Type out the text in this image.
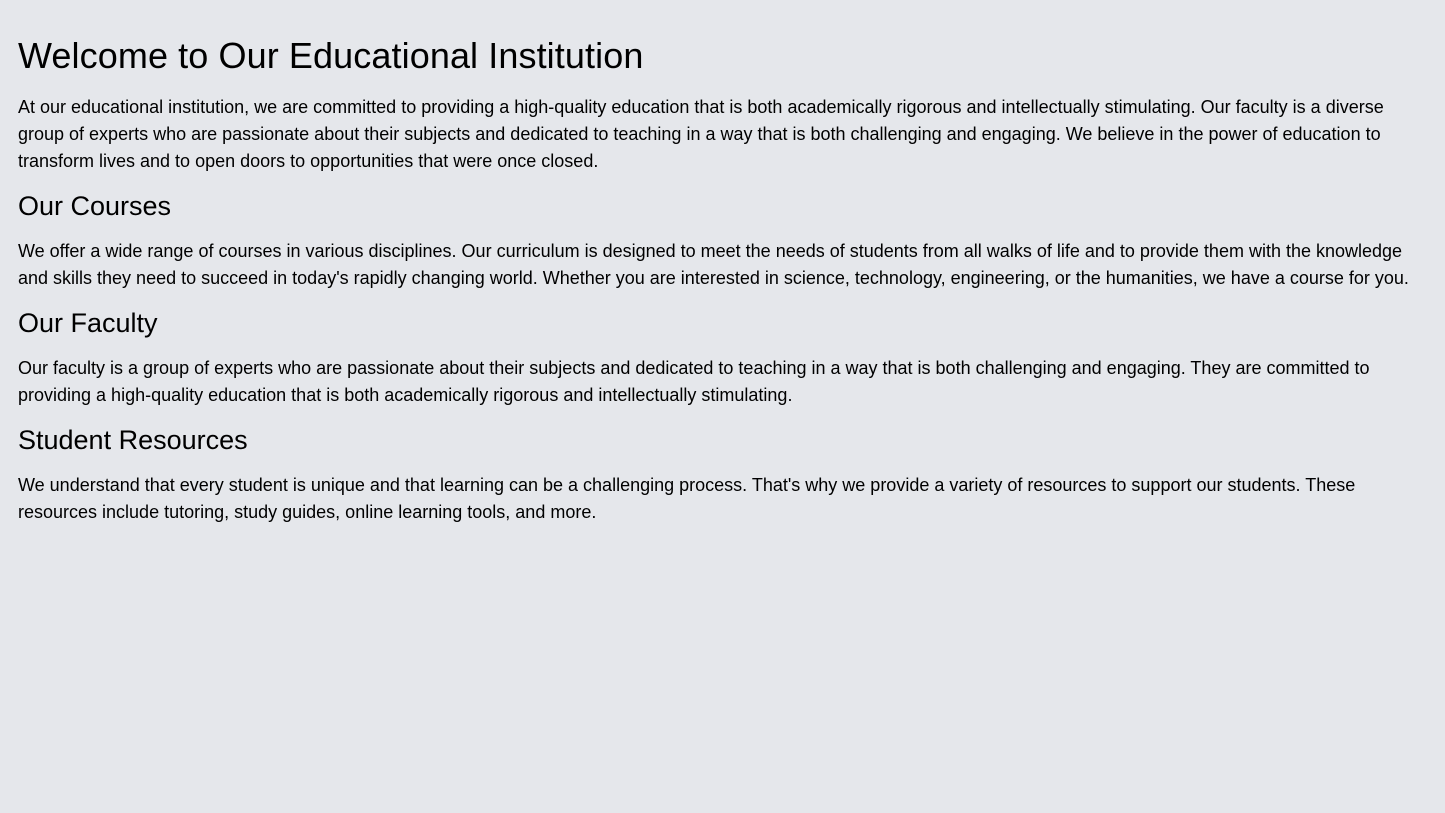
Welcome to Our Educational Institution

At our educational institution, we are committed to providing a high-quality education that is both academically rigorous and intellectually stimulating. Our faculty is a diverse group of experts who are passionate about their subjects and dedicated to teaching in a way that is both challenging and engaging. We believe in the power of education to transform lives and to open doors to opportunities that were once closed.

Our Courses

We offer a wide range of courses in various disciplines. Our curriculum is designed to meet the needs of students from all walks of life and to provide them with the knowledge and skills they need to succeed in today's rapidly changing world. Whether you are interested in science, technology, engineering, or the humanities, we have a course for you.

Our Faculty

Our faculty is a group of experts who are passionate about their subjects and dedicated to teaching in a way that is both challenging and engaging. They are committed to providing a high-quality education that is both academically rigorous and intellectually stimulating.

Student Resources

We understand that every student is unique and that learning can be a challenging process. That's why we provide a variety of resources to support our students. These resources include tutoring, study guides, online learning tools, and more.
